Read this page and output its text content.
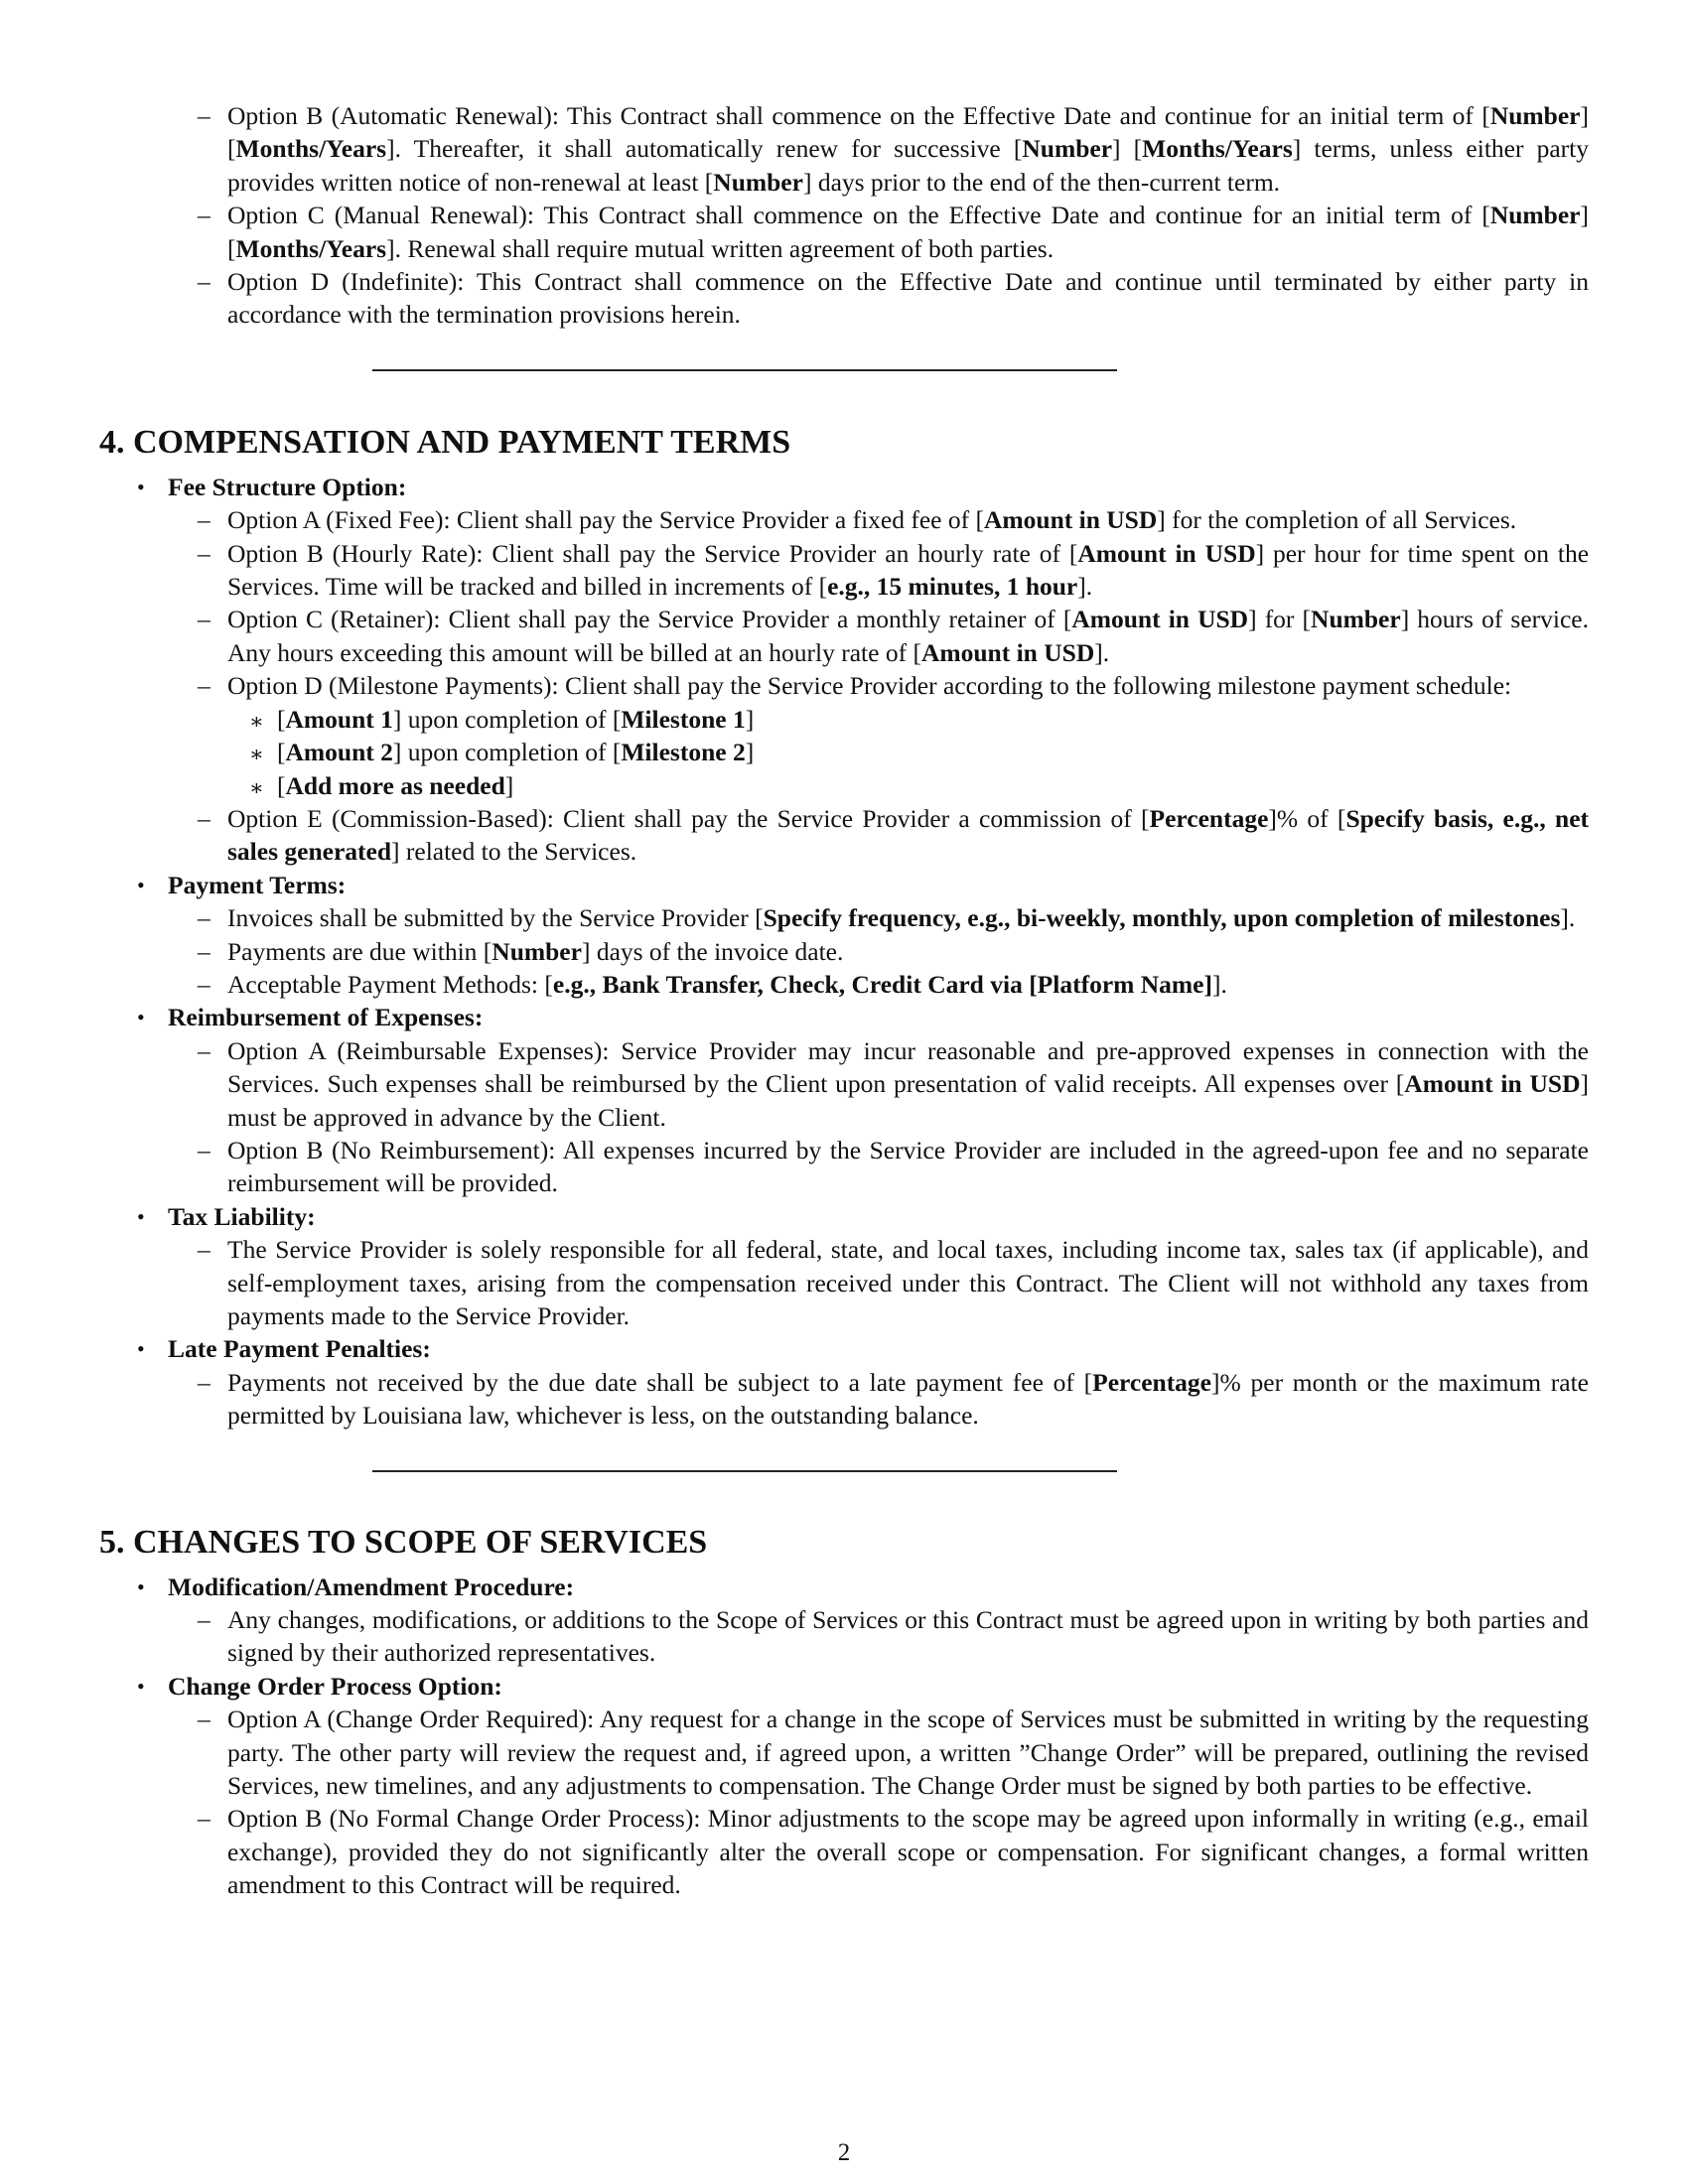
– Option B (Automatic Renewal): This Contract shall commence on the Effective Date and continue for an initial term of [Number] [Months/Years]. Thereafter, it shall automatically renew for successive [Number] [Months/Years] terms, unless either party provides written notice of non-renewal at least [Number] days prior to the end of the then-current term.
– Option C (Manual Renewal): This Contract shall commence on the Effective Date and continue for an initial term of [Number] [Months/Years]. Renewal shall require mutual written agreement of both parties.
– Option D (Indefinite): This Contract shall commence on the Effective Date and continue until terminated by either party in accordance with the termination provisions herein.
4. COMPENSATION AND PAYMENT TERMS
• Fee Structure Option:
– Option A (Fixed Fee): Client shall pay the Service Provider a fixed fee of [Amount in USD] for the completion of all Services.
– Option B (Hourly Rate): Client shall pay the Service Provider an hourly rate of [Amount in USD] per hour for time spent on the Services. Time will be tracked and billed in increments of [e.g., 15 minutes, 1 hour].
– Option C (Retainer): Client shall pay the Service Provider a monthly retainer of [Amount in USD] for [Number] hours of service. Any hours exceeding this amount will be billed at an hourly rate of [Amount in USD].
– Option D (Milestone Payments): Client shall pay the Service Provider according to the following milestone payment schedule:
∗ [Amount 1] upon completion of [Milestone 1]
∗ [Amount 2] upon completion of [Milestone 2]
∗ [Add more as needed]
– Option E (Commission-Based): Client shall pay the Service Provider a commission of [Percentage]% of [Specify basis, e.g., net sales generated] related to the Services.
• Payment Terms:
– Invoices shall be submitted by the Service Provider [Specify frequency, e.g., bi-weekly, monthly, upon completion of milestones].
– Payments are due within [Number] days of the invoice date.
– Acceptable Payment Methods: [e.g., Bank Transfer, Check, Credit Card via [Platform Name]].
• Reimbursement of Expenses:
– Option A (Reimbursable Expenses): Service Provider may incur reasonable and pre-approved expenses in connection with the Services. Such expenses shall be reimbursed by the Client upon presentation of valid receipts. All expenses over [Amount in USD] must be approved in advance by the Client.
– Option B (No Reimbursement): All expenses incurred by the Service Provider are included in the agreed-upon fee and no separate reimbursement will be provided.
• Tax Liability:
– The Service Provider is solely responsible for all federal, state, and local taxes, including income tax, sales tax (if applicable), and self-employment taxes, arising from the compensation received under this Contract. The Client will not withhold any taxes from payments made to the Service Provider.
• Late Payment Penalties:
– Payments not received by the due date shall be subject to a late payment fee of [Percentage]% per month or the maximum rate permitted by Louisiana law, whichever is less, on the outstanding balance.
5. CHANGES TO SCOPE OF SERVICES
• Modification/Amendment Procedure:
– Any changes, modifications, or additions to the Scope of Services or this Contract must be agreed upon in writing by both parties and signed by their authorized representatives.
• Change Order Process Option:
– Option A (Change Order Required): Any request for a change in the scope of Services must be submitted in writing by the requesting party. The other party will review the request and, if agreed upon, a written ”Change Order” will be prepared, outlining the revised Services, new timelines, and any adjustments to compensation. The Change Order must be signed by both parties to be effective.
– Option B (No Formal Change Order Process): Minor adjustments to the scope may be agreed upon informally in writing (e.g., email exchange), provided they do not significantly alter the overall scope or compensation. For significant changes, a formal written amendment to this Contract will be required.
2
